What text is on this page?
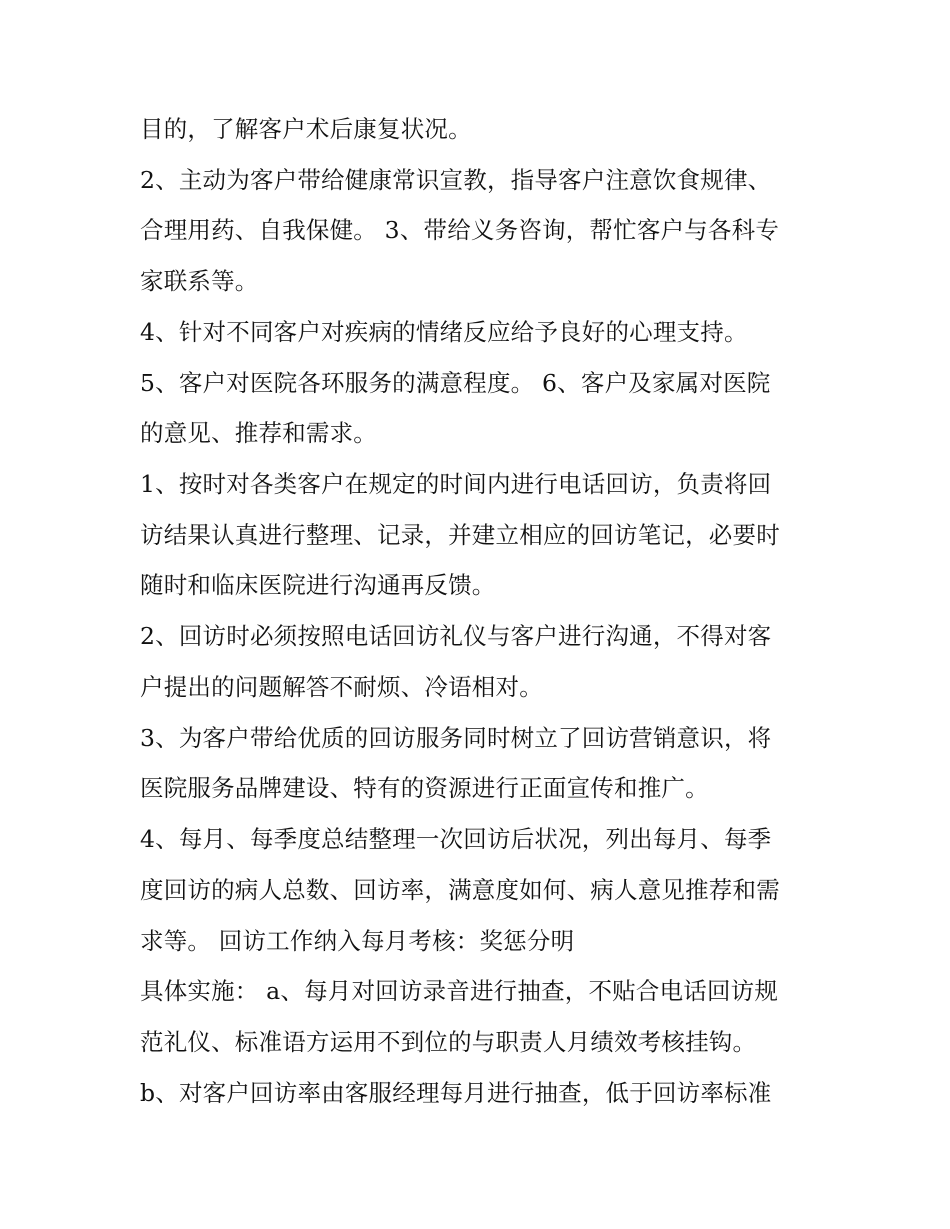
目的，了解客户术后康复状况。
2、主动为客户带给健康常识宣教，指导客户注意饮食规律、
合理用药、自我保健。 3、带给义务咨询，帮忙客户与各科专
家联系等。
4、针对不同客户对疾病的情绪反应给予良好的心理支持。
5、客户对医院各环服务的满意程度。 6、客户及家属对医院
的意见、推荐和需求。
1、按时对各类客户在规定的时间内进行电话回访，负责将回
访结果认真进行整理、记录，并建立相应的回访笔记，必要时
随时和临床医院进行沟通再反馈。
2、回访时必须按照电话回访礼仪与客户进行沟通，不得对客
户提出的问题解答不耐烦、冷语相对。
3、为客户带给优质的回访服务同时树立了回访营销意识，将
医院服务品牌建设、特有的资源进行正面宣传和推广。
4、每月、每季度总结整理一次回访后状况，列出每月、每季
度回访的病人总数、回访率，满意度如何、病人意见推荐和需
求等。 回访工作纳入每月考核：奖惩分明
具体实施： a、每月对回访录音进行抽查，不贴合电话回访规
范礼仪、标准语方运用不到位的与职责人月绩效考核挂钩。
b、对客户回访率由客服经理每月进行抽查，低于回访率标准
